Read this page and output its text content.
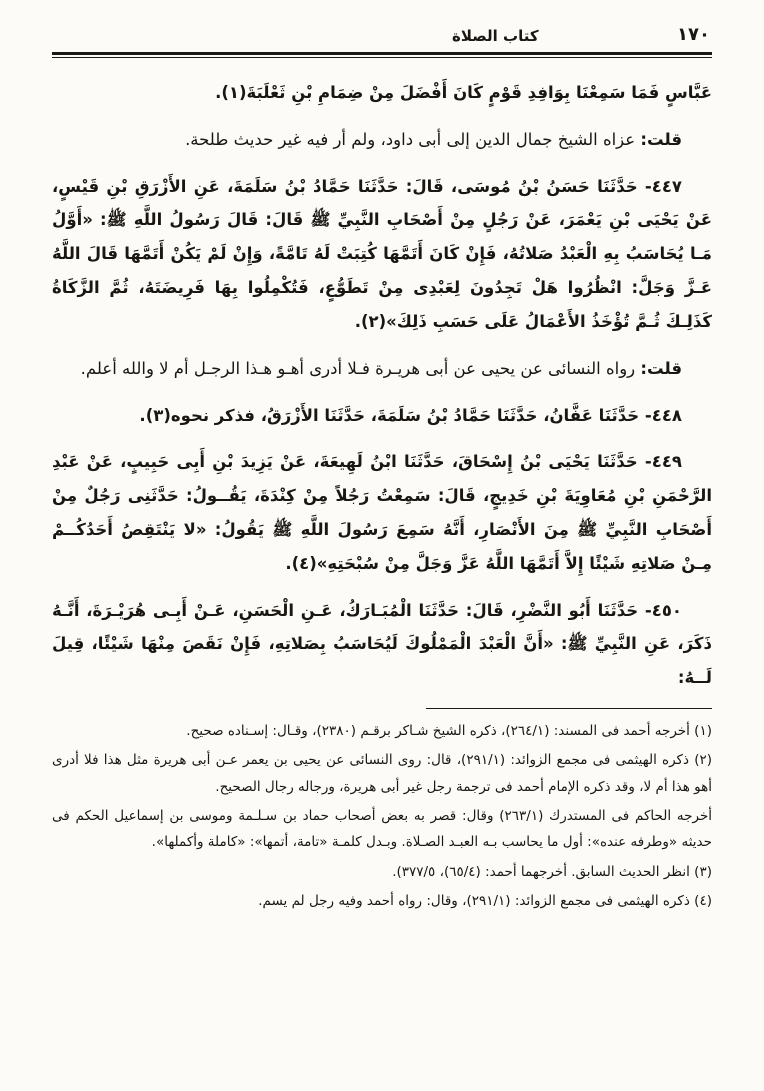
١٧٠
كتاب الصلاة

عَبَّاسٍ فَمَا سَمِعْنَا بِوَافِدِ قَوْمٍ كَانَ أَفْضَلَ مِنْ ضِمَامِ بْنِ ثَعْلَبَةَ(١).

قلت: عزاه الشيخ جمال الدين إلى أبى داود، ولم أر فيه غير حديث طلحة.

٤٤٧- حَدَّثَنَا حَسَنُ بْنُ مُوسَى، قَالَ: حَدَّثَنَا حَمَّادُ بْنُ سَلَمَةَ، عَنِ الأَزْرَقِ بْنِ قَيْسٍ، عَنْ يَحْيَى بْنِ يَعْمَرَ، عَنْ رَجُلٍ مِنْ أَصْحَابِ النَّبِيِّ ﷺ قَالَ: قَالَ رَسُولُ اللَّهِ ﷺ: «أَوَّلُ مَـا يُحَاسَبُ بِهِ الْعَبْدُ صَلاتُهُ، فَإِنْ كَانَ أَتَمَّهَا كُتِبَتْ لَهُ تَامَّةً، وَإِنْ لَمْ يَكُنْ أَتَمَّهَا قَالَ اللَّهُ عَـزَّ وَجَلَّ: انْظُرُوا هَلْ تَجِدُونَ لِعَبْدِى مِنْ تَطَوُّعٍ، فَتُكْمِلُوا بِهَا فَرِيضَتَهُ، ثُمَّ الزَّكَاةُ كَذَلِـكَ ثُـمَّ تُؤْخَذُ الأَعْمَالُ عَلَى حَسَبِ ذَلِكَ»(٢).

قلت: رواه النسائى عن يحيى عن أبى هريـرة فـلا أدرى أهـو هـذا الرجـل أم لا والله أعلم.

٤٤٨- حَدَّثَنَا عَفَّانُ، حَدَّثَنَا حَمَّادُ بْنُ سَلَمَةَ، حَدَّثَنَا الأَزْرَقُ، فذكر نحوه(٣).

٤٤٩- حَدَّثَنَا يَحْيَى بْنُ إِسْحَاقَ، حَدَّثَنَا ابْنُ لَهِيعَةَ، عَنْ يَزِيدَ بْنِ أَبِى حَبِيبٍ، عَنْ عَبْدِ الرَّحْمَنِ بْنِ مُعَاوِيَةَ بْنِ خَدِيجٍ، قَالَ: سَمِعْتُ رَجُلاً مِنْ كِنْدَةَ، يَقُــولُ: حَدَّثَنِى رَجُلٌ مِنْ أَصْحَابِ النَّبِيِّ ﷺ مِنَ الأَنْصَارِ، أَنَّهُ سَمِعَ رَسُولَ اللَّهِ ﷺ يَقُولُ: «لا يَنْتَقِصُ أَحَدُكُــمْ مِـنْ صَلاتِهِ شَيْئًا إِلاَّ أَتَمَّهَا اللَّهُ عَزَّ وَجَلَّ مِنْ سُبْحَتِهِ»(٤).

٤٥٠- حَدَّثَنَا أَبُو النَّضْرِ، قَالَ: حَدَّثَنَا الْمُبَـارَكُ، عَـنِ الْحَسَنِ، عَـنْ أَبِـى هُرَيْـرَةَ، أَنَّـهُ ذَكَرَ، عَنِ النَّبِيِّ ﷺ: «أَنَّ الْعَبْدَ الْمَمْلُوكَ لَيُحَاسَبُ بِصَلاتِهِ، فَإِنْ نَقَصَ مِنْهَا شَيْئًا، قِيلَ لَــهُ:

(١) أخرجه أحمد فى المسند: (٢٦٤/١)، ذكره الشيخ شـاكر برقـم (٢٣٨٠)، وقـال: إسـناده صحيح.

(٢) ذكره الهيثمى فى مجمع الزوائد: (٢٩١/١)، قال: روى النسائى عن يحيى بن يعمر عـن أبى هريرة مثل هذا فلا أدرى أهو هذا أم لا، وقد ذكره الإمام أحمد فى ترجمة رجل غير أبى هريرة، ورجاله رجال الصحيح.

أخرجه الحاكم فى المستدرك (٢٦٣/١) وقال: قصر به بعض أصحاب حماد بن سـلـمة وموسى بن إسماعيل الحكم فى حديثه «وطرفه عنده»: أول ما يحاسب بـه العبـد الصـلاة. وبـدل كلمـة «تامة، أتمها»: «كاملة وأكملها».

(٣) انظر الحديث السابق. أخرجهما أحمد: (٦٥/٤)، ٣٧٧/٥).

(٤) ذكره الهيثمى فى مجمع الزوائد: (٢٩١/١)، وقال: رواه أحمد وفيه رجل لم يسم.
